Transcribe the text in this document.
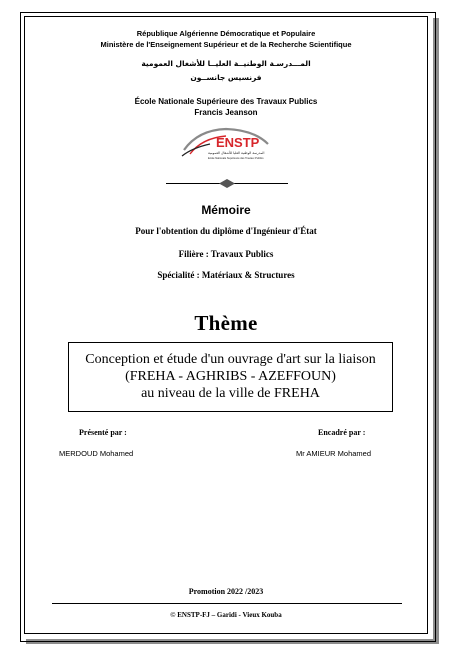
République Algérienne Démocratique et Populaire
Ministère de l'Enseignement Supérieur et de la Recherche Scientifique
المـــدرسـة الوطنيــة العليــا للأشغال العمومية
فرنسيس جانســون
École Nationale Supérieure des Travaux Publics
Francis Jeanson
ENSTP
المدرسة الوطنية العليا للأشغال العمومية
Ecole Nationale Supérieure des Travaux Publics
Mémoire
Pour l'obtention du diplôme d'Ingénieur d'État
Filière : Travaux Publics
Spécialité : Matériaux & Structures
Thème
Conception et étude d'un ouvrage d'art sur la liaison
(FREHA - AGHRIBS - AZEFFOUN)
au niveau de la ville de FREHA
Présenté par :
MERDOUD Mohamed
Encadré par :
Mr AMIEUR Mohamed
Promotion 2022 /2023
© ENSTP-FJ – Garidi - Vieux Kouba
